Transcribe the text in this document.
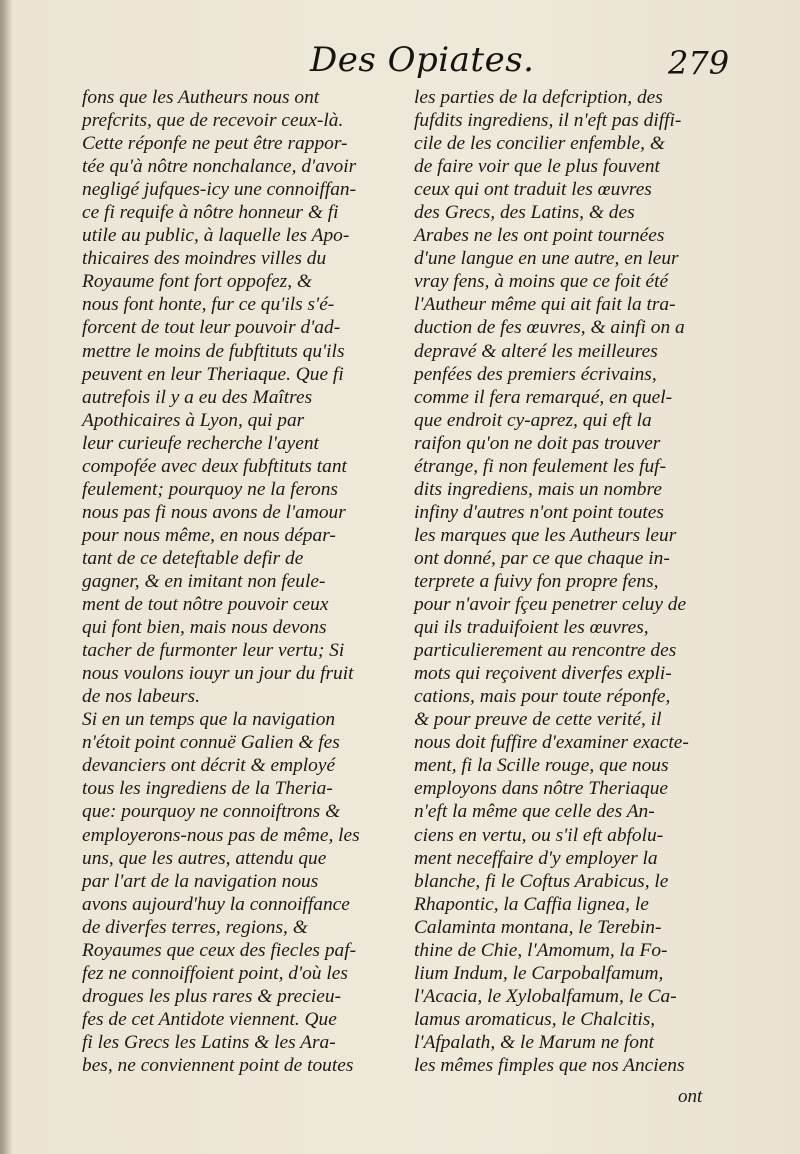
Des Opiates.	279
fons que les Autheurs nous ont
prefcrits, que de recevoir ceux-là.
Cette réponfe ne peut être rappor-
tée qu'à nôtre nonchalance, d'avoir
negligé jufques-icy une connoiffan-
ce fi requife à nôtre honneur & fi
utile au public, à laquelle les Apo-
thicaires des moindres villes du
Royaume font fort oppofez, &
nous font honte, fur ce qu'ils s'é-
forcent de tout leur pouvoir d'ad-
mettre le moins de fubftituts qu'ils
peuvent en leur Theriaque. Que fi
autrefois il y a eu des Maîtres
Apothicaires à Lyon, qui par
leur curieufe recherche l'ayent
compofée avec deux fubftituts tant
feulement; pourquoy ne la ferons
nous pas fi nous avons de l'amour
pour nous même, en nous dépar-
tant de ce deteftable defir de
gagner, & en imitant non feule-
ment de tout nôtre pouvoir ceux
qui font bien, mais nous devons
tacher de furmonter leur vertu; Si
nous voulons iouyr un jour du fruit
de nos labeurs.
Si en un temps que la navigation
n'étoit point connuë Galien & fes
devanciers ont décrit & employé
tous les ingrediens de la Theria-
que: pourquoy ne connoiftrons &
employerons-nous pas de même, les
uns, que les autres, attendu que
par l'art de la navigation nous
avons aujourd'huy la connoiffance
de diverfes terres, regions, &
Royaumes que ceux des fiecles paf-
fez ne connoiffoient point, d'où les
drogues les plus rares & precieu-
fes de cet Antidote viennent. Que
fi les Grecs les Latins & les Ara-
bes, ne conviennent point de toutes
les parties de la defcription, des
fufdits ingrediens, il n'eft pas diffi-
cile de les concilier enfemble, &
de faire voir que le plus fouvent
ceux qui ont traduit les œuvres
des Grecs, des Latins, & des
Arabes ne les ont point tournées
d'une langue en une autre, en leur
vray fens, à moins que ce foit été
l'Autheur même qui ait fait la tra-
duction de fes œuvres, & ainfi on a
depravé & alteré les meilleures
penfées des premiers écrivains,
comme il fera remarqué, en quel-
que endroit cy-aprez, qui eft la
raifon qu'on ne doit pas trouver
étrange, fi non feulement les fuf-
dits ingrediens, mais un nombre
infiny d'autres n'ont point toutes
les marques que les Autheurs leur
ont donné, par ce que chaque in-
terprete a fuivy fon propre fens,
pour n'avoir fçeu penetrer celuy de
qui ils traduifoient les œuvres,
particulierement au rencontre des
mots qui reçoivent diverfes expli-
cations, mais pour toute réponfe,
& pour preuve de cette verité, il
nous doit fuffire d'examiner exacte-
ment, fi la Scille rouge, que nous
employons dans nôtre Theriaque
n'eft la même que celle des An-
ciens en vertu, ou s'il eft abfolu-
ment neceffaire d'y employer la
blanche, fi le Coftus Arabicus, le
Rhapontic, la Caffia lignea, le
Calaminta montana, le Terebin-
thine de Chie, l'Amomum, la Fo-
lium Indum, le Carpobalfamum,
l'Acacia, le Xylobalfamum, le Ca-
lamus aromaticus, le Chalcitis,
l'Afpalath, & le Marum ne font
les mêmes fimples que nos Anciens
ont
